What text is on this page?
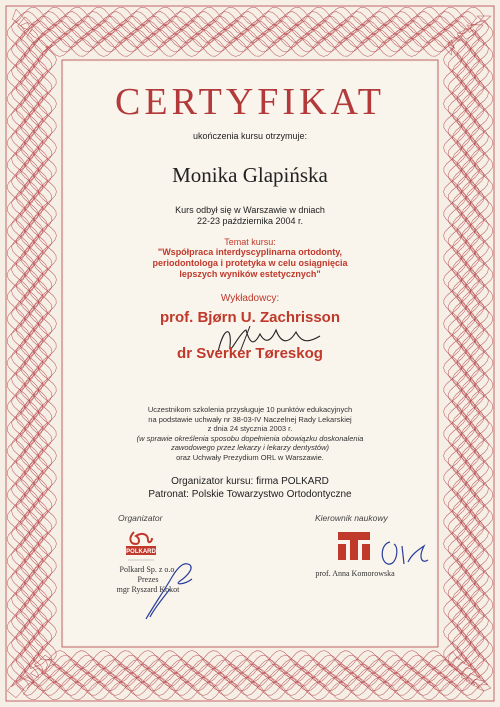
CERTYFIKAT
ukończenia kursu otrzymuje:
Monika Glapińska
Kurs odbył się w Warszawie w dniach
22-23 października 2004 r.
Temat kursu:
"Współpraca interdyscyplinarna ortodonty,
periodontologa i protetyka w celu osiągnięcia
lepszych wyników estetycznych"
Wykładowcy:
prof. Bjørn U. Zachrisson
dr Sverker Tøreskog
Uczestnikom szkolenia przysługuje 10 punktów edukacyjnych
na podstawie uchwały nr 38-03-IV Naczelnej Rady Lekarskiej
z dnia 24 stycznia 2003 r.
(w sprawie określenia sposobu dopełnienia obowiązku doskonalenia
zawodowego przez lekarzy i lekarzy dentystów)
oraz Uchwały Prezydium ORL w Warszawie.
Organizator kursu: firma POLKARD
Patronat: Polskie Towarzystwo Ortodontyczne
Organizator
POLKARD
Polkard Sp. z o.o.
Prezes
mgr Ryszard Kokot
Kierownik naukowy
prof. Anna Komorowska
